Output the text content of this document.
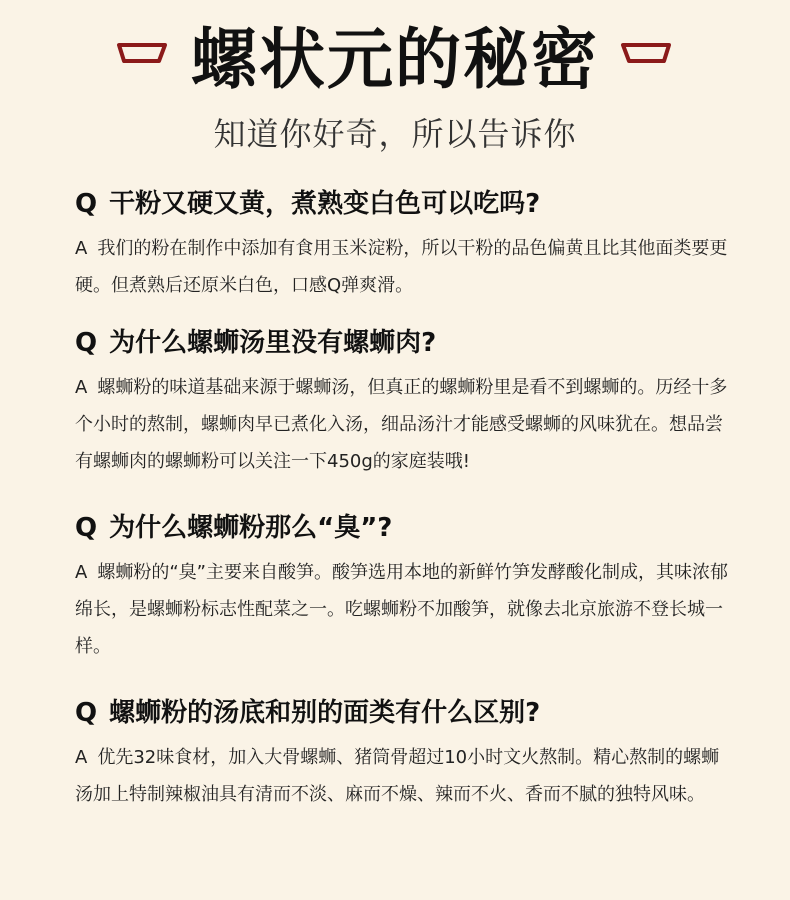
螺状元的秘密
知道你好奇，所以告诉你
Q 干粉又硬又黄，煮熟变白色可以吃吗?
A 我们的粉在制作中添加有食用玉米淀粉，所以干粉的品色偏黄且比其他面类要更硬。但煮熟后还原米白色，口感Q弹爽滑。
Q 为什么螺蛳汤里没有螺蛳肉?
A 螺蛳粉的味道基础来源于螺蛳汤，但真正的螺蛳粉里是看不到螺蛳的。历经十多个小时的熬制，螺蛳肉早已煮化入汤，细品汤汁才能感受螺蛳的风味犹在。想品尝有螺蛳肉的螺蛳粉可以关注一下450g的家庭装哦!
Q 为什么螺蛳粉那么“臭”?
A 螺蛳粉的“臭”主要来自酸笋。酸笋选用本地的新鲜竹笋发酵酸化制成，其味浓郁绵长，是螺蛳粉标志性配菜之一。吃螺蛳粉不加酸笋，就像去北京旅游不登长城一样。
Q 螺蛳粉的汤底和别的面类有什么区别?
A 优先32味食材，加入大骨螺蛳、猪筒骨超过10小时文火熬制。精心熬制的螺蛳汤加上特制辣椒油具有清而不淡、麻而不燥、辣而不火、香而不腻的独特风味。
